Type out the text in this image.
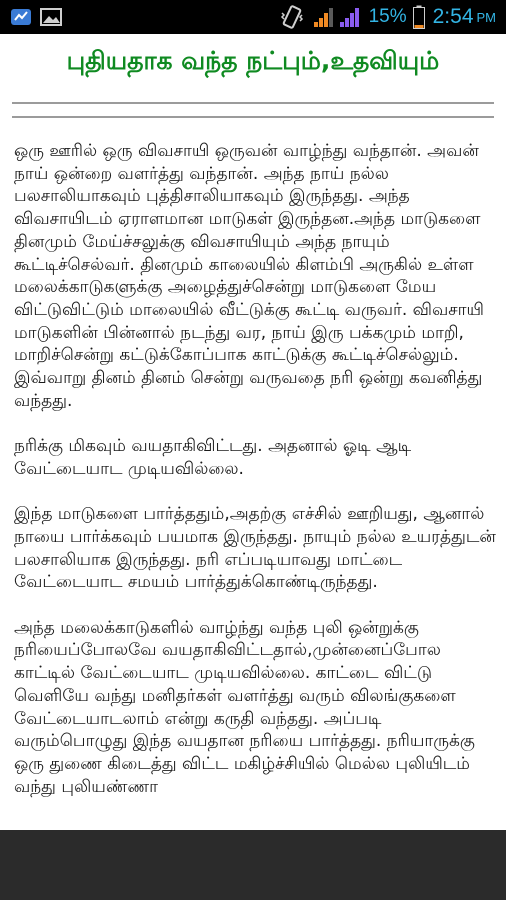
15% 2:54 PM
புதியதாக வந்த நட்பும்,உதவியும்

ஒரு ஊரில் ஒரு விவசாயி ஒருவன் வாழ்ந்து வந்தான். அவன் நாய் ஒன்றை வளர்த்து வந்தான். அந்த நாய் நல்ல பலசாலியாகவும் புத்திசாலியாகவும் இருந்தது. அந்த விவசாயிடம் ஏராளமான மாடுகள் இருந்தன.அந்த மாடுகளை தினமும் மேய்ச்சலுக்கு விவசாயியும் அந்த நாயும் கூட்டிச்செல்வர். தினமும் காலையில் கிளம்பி அருகில் உள்ள மலைக்காடுகளுக்கு அழைத்துச்சென்று மாடுகளை மேய விட்டுவிட்டும் மாலையில் வீட்டுக்கு கூட்டி வருவர். விவசாயி மாடுகளின் பின்னால் நடந்து வர, நாய் இரு பக்கமும் மாறி, மாறிச்சென்று கட்டுக்கோப்பாக காட்டுக்கு கூட்டிச்செல்லும். இவ்வாறு தினம் தினம் சென்று வருவதை நரி ஒன்று கவனித்து வந்தது.

நரிக்கு மிகவும் வயதாகிவிட்டது. அதனால் ஓடி ஆடி வேட்டையாட முடியவில்லை.

இந்த மாடுகளை பார்த்ததும்,அதற்கு எச்சில் ஊறியது, ஆனால் நாயை பார்க்கவும் பயமாக இருந்தது. நாயும் நல்ல உயரத்துடன் பலசாலியாக இருந்தது. நரி எப்படியாவது மாட்டை வேட்டையாட சமயம் பார்த்துக்கொண்டிருந்தது.

அந்த மலைக்காடுகளில் வாழ்ந்து வந்த புலி ஒன்றுக்கு நரியைப்போலவே வயதாகிவிட்டதால்,முன்னைப்போல காட்டில் வேட்டையாட முடியவில்லை. காட்டை விட்டு வெளியே வந்து மனிதர்கள் வளர்த்து வரும் விலங்குகளை வேட்டையாடலாம் என்று கருதி வந்தது. அப்படி வரும்பொழுது இந்த வயதான நரியை பார்த்தது. நரியாருக்கு ஒரு துணை கிடைத்து விட்ட மகிழ்ச்சியில் மெல்ல புலியிடம் வந்து புலியண்ணா
